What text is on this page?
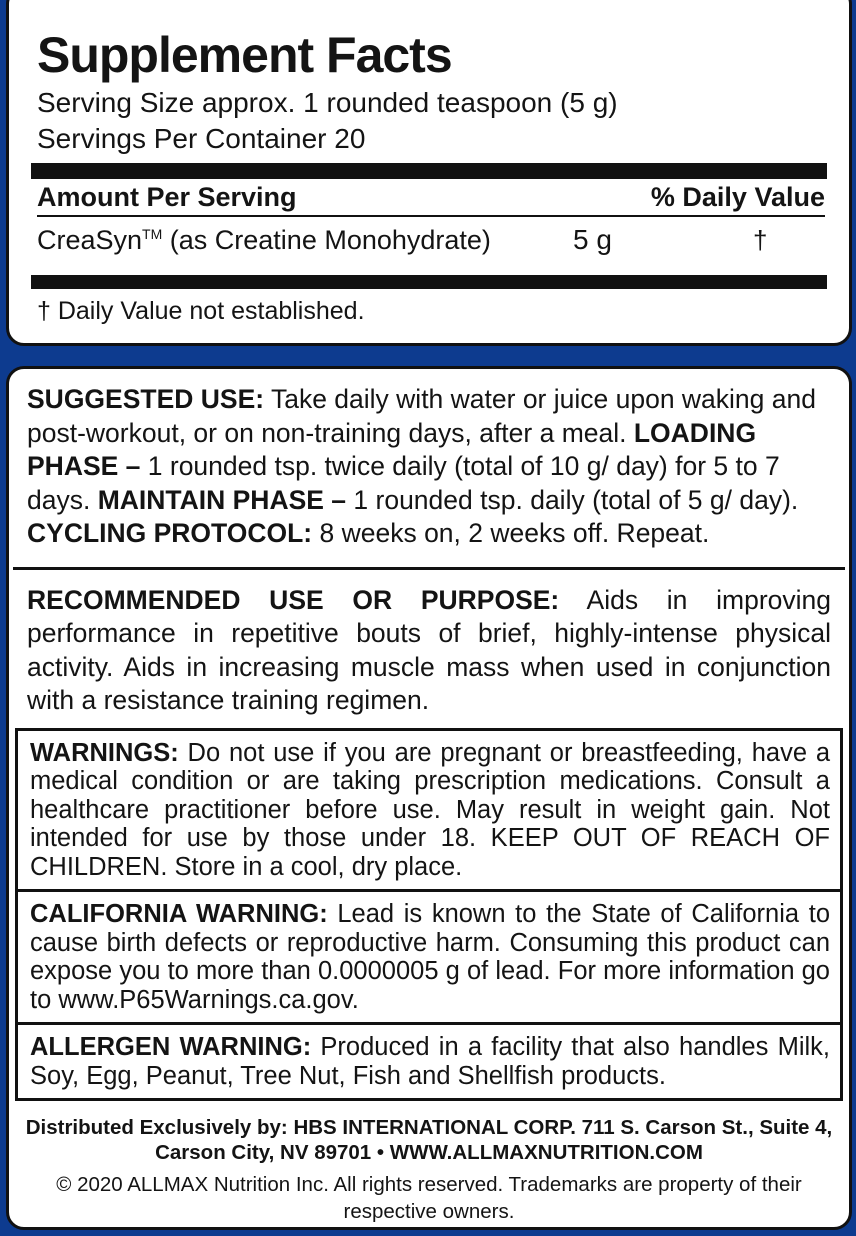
Supplement Facts
Serving Size approx. 1 rounded teaspoon (5 g)
Servings Per Container 20
Amount Per Serving	% Daily Value
CreaSyn™ (as Creatine Monohydrate)	5 g	†
† Daily Value not established.
SUGGESTED USE: Take daily with water or juice upon waking and post-workout, or on non-training days, after a meal. LOADING PHASE – 1 rounded tsp. twice daily (total of 10 g/ day) for 5 to 7 days. MAINTAIN PHASE – 1 rounded tsp. daily (total of 5 g/ day). CYCLING PROTOCOL: 8 weeks on, 2 weeks off. Repeat.
RECOMMENDED USE OR PURPOSE: Aids in improving performance in repetitive bouts of brief, highly-intense physical activity. Aids in increasing muscle mass when used in conjunction with a resistance training regimen.
WARNINGS: Do not use if you are pregnant or breastfeeding, have a medical condition or are taking prescription medications. Consult a healthcare practitioner before use. May result in weight gain. Not intended for use by those under 18. KEEP OUT OF REACH OF CHILDREN. Store in a cool, dry place.
CALIFORNIA WARNING: Lead is known to the State of California to cause birth defects or reproductive harm. Consuming this product can expose you to more than 0.0000005 g of lead. For more information go to www.P65Warnings.ca.gov.
ALLERGEN WARNING: Produced in a facility that also handles Milk, Soy, Egg, Peanut, Tree Nut, Fish and Shellfish products.
Distributed Exclusively by: HBS INTERNATIONAL CORP. 711 S. Carson St., Suite 4, Carson City, NV 89701 • WWW.ALLMAXNUTRITION.COM
© 2020 ALLMAX Nutrition Inc. All rights reserved. Trademarks are property of their respective owners.
